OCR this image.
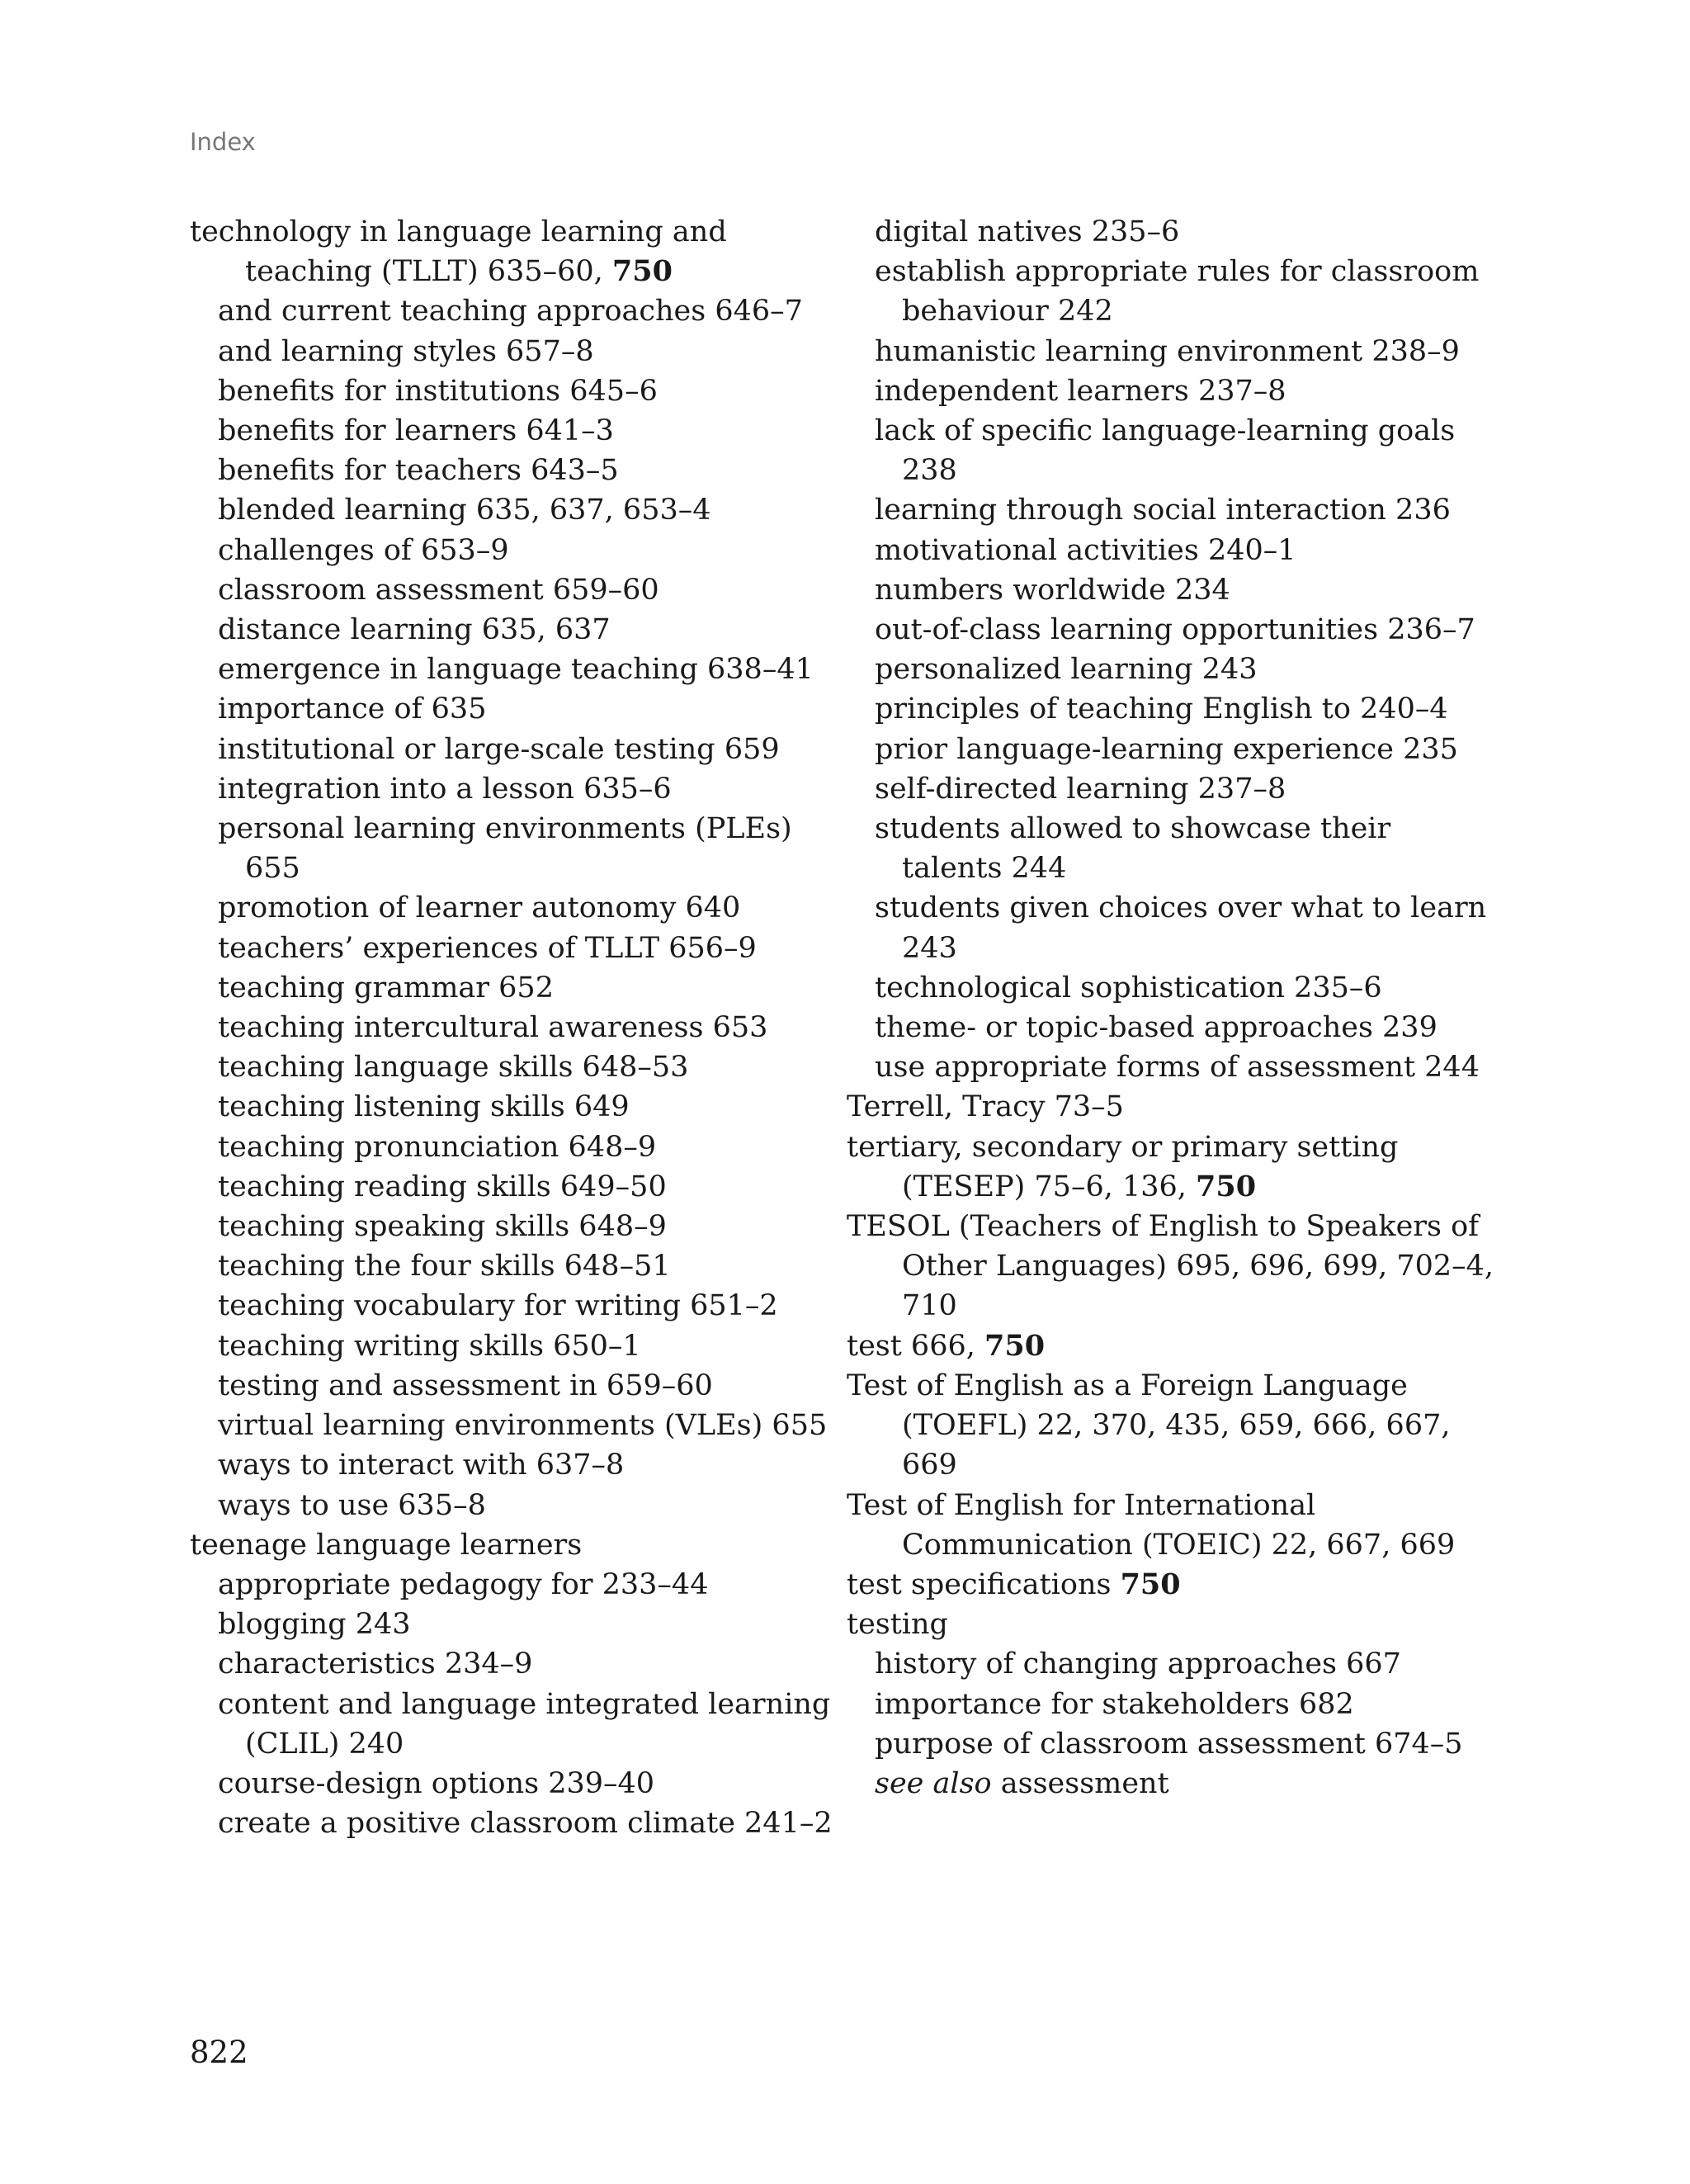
Index
technology in language learning and teaching (TLLT) 635–60, 750
and current teaching approaches 646–7
and learning styles 657–8
benefits for institutions 645–6
benefits for learners 641–3
benefits for teachers 643–5
blended learning 635, 637, 653–4
challenges of 653–9
classroom assessment 659–60
distance learning 635, 637
emergence in language teaching 638–41
importance of 635
institutional or large-scale testing 659
integration into a lesson 635–6
personal learning environments (PLEs) 655
promotion of learner autonomy 640
teachers’ experiences of TLLT 656–9
teaching grammar 652
teaching intercultural awareness 653
teaching language skills 648–53
teaching listening skills 649
teaching pronunciation 648–9
teaching reading skills 649–50
teaching speaking skills 648–9
teaching the four skills 648–51
teaching vocabulary for writing 651–2
teaching writing skills 650–1
testing and assessment in 659–60
virtual learning environments (VLEs) 655
ways to interact with 637–8
ways to use 635–8
teenage language learners
appropriate pedagogy for 233–44
blogging 243
characteristics 234–9
content and language integrated learning (CLIL) 240
course-design options 239–40
create a positive classroom climate 241–2
digital natives 235–6
establish appropriate rules for classroom behaviour 242
humanistic learning environment 238–9
independent learners 237–8
lack of specific language-learning goals 238
learning through social interaction 236
motivational activities 240–1
numbers worldwide 234
out-of-class learning opportunities 236–7
personalized learning 243
principles of teaching English to 240–4
prior language-learning experience 235
self-directed learning 237–8
students allowed to showcase their talents 244
students given choices over what to learn 243
technological sophistication 235–6
theme- or topic-based approaches 239
use appropriate forms of assessment 244
Terrell, Tracy 73–5
tertiary, secondary or primary setting (TESEP) 75–6, 136, 750
TESOL (Teachers of English to Speakers of Other Languages) 695, 696, 699, 702–4, 710
test 666, 750
Test of English as a Foreign Language (TOEFL) 22, 370, 435, 659, 666, 667, 669
Test of English for International Communication (TOEIC) 22, 667, 669
test specifications 750
testing
history of changing approaches 667
importance for stakeholders 682
purpose of classroom assessment 674–5
see also assessment
822
